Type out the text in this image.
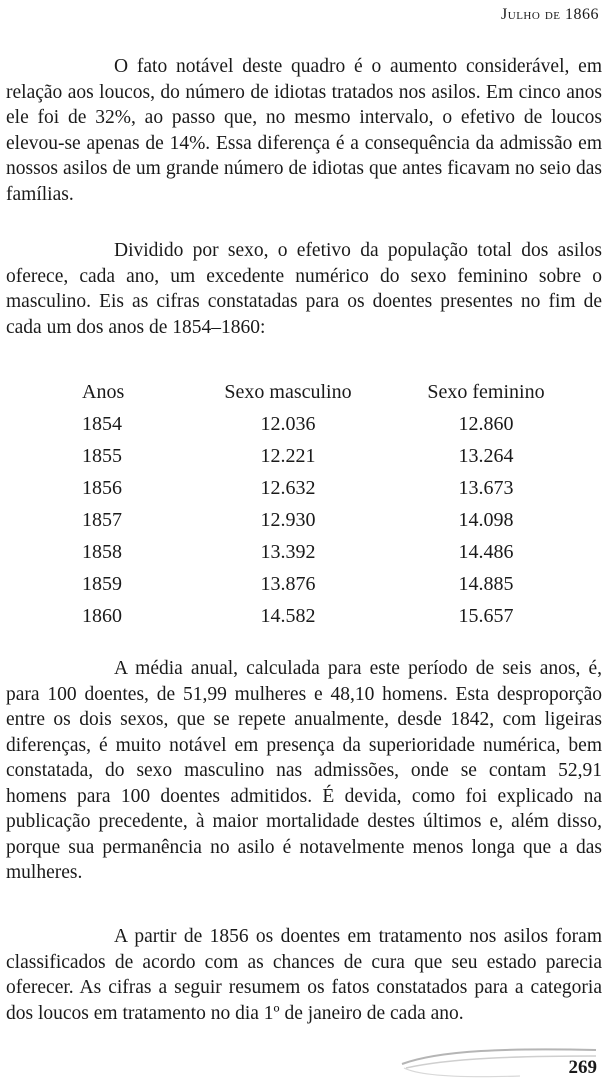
Julho de 1866

O fato notável deste quadro é o aumento considerável, em relação aos loucos, do número de idiotas tratados nos asilos. Em cinco anos ele foi de 32%, ao passo que, no mesmo intervalo, o efetivo de loucos elevou-se apenas de 14%. Essa diferença é a consequência da admissão em nossos asilos de um grande número de idiotas que antes ficavam no seio das famílias.

Dividido por sexo, o efetivo da população total dos asilos oferece, cada ano, um excedente numérico do sexo feminino sobre o masculino. Eis as cifras constatadas para os doentes presentes no fim de cada um dos anos de 1854–1860:

Anos	Sexo masculino	Sexo feminino
1854	12.036	12.860
1855	12.221	13.264
1856	12.632	13.673
1857	12.930	14.098
1858	13.392	14.486
1859	13.876	14.885
1860	14.582	15.657

A média anual, calculada para este período de seis anos, é, para 100 doentes, de 51,99 mulheres e 48,10 homens. Esta desproporção entre os dois sexos, que se repete anualmente, desde 1842, com ligeiras diferenças, é muito notável em presença da superioridade numérica, bem constatada, do sexo masculino nas admissões, onde se contam 52,91 homens para 100 doentes admitidos. É devida, como foi explicado na publicação precedente, à maior mortalidade destes últimos e, além disso, porque sua permanência no asilo é notavelmente menos longa que a das mulheres.

A partir de 1856 os doentes em tratamento nos asilos foram classificados de acordo com as chances de cura que seu estado parecia oferecer. As cifras a seguir resumem os fatos constatados para a categoria dos loucos em tratamento no dia 1º de janeiro de cada ano.

269
